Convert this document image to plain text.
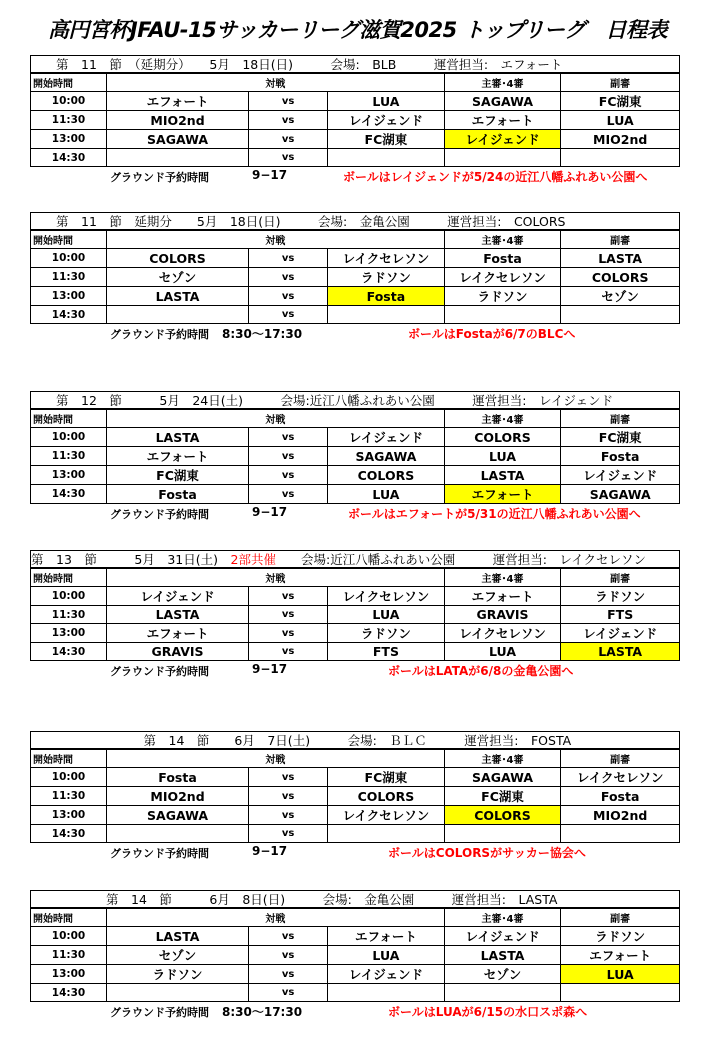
高円宮杯JFAU-15サッカーリーグ滋賀2025 トップリーグ　日程表
　　第　11　節　（延期分）　　5月　18日(日)　　　会場:　BLB　　　運営担当:　エフォート
開始時間	対戦			主審･4審	副審
10:00	エフォート	vs	LUA	SAGAWA	FC湖東
11:30	MIO2nd	vs	レイジェンド	エフォート	LUA
13:00	SAGAWA	vs	FC湖東	レイジェンド	MIO2nd
14:30		vs			
グラウンド予約時間	9−17	ボールはレイジェンドが5/24の近江八幡ふれあい公園へ
　　第　11　節　延期分　　5月　18日(日)　　　会場:　金亀公園　　　運営担当:　COLORS
開始時間	対戦			主審･4審	副審
10:00	COLORS	vs	レイクセレソン	Fosta	LASTA
11:30	セゾン	vs	ラドソン	レイクセレソン	COLORS
13:00	LASTA	vs	Fosta	ラドソン	セゾン
14:30		vs			
グラウンド予約時間 8:30〜17:30	ボールはFostaが6/7のBLCへ
　　第　12　節　　　5月　24日(土)　　　会場:近江八幡ふれあい公園　　　運営担当:　レイジェンド
開始時間	対戦			主審･4審	副審
10:00	LASTA	vs	レイジェンド	COLORS	FC湖東
11:30	エフォート	vs	SAGAWA	LUA	Fosta
13:00	FC湖東	vs	COLORS	LASTA	レイジェンド
14:30	Fosta	vs	LUA	エフォート	SAGAWA
グラウンド予約時間	9−17	ボールはエフォートが5/31の近江八幡ふれあい公園へ
第　13　節　　　5月　31日(土)　 2部共催　　会場:近江八幡ふれあい公園　　　運営担当:　レイクセレソン
開始時間	対戦			主審･4審	副審
10:00	レイジェンド	vs	レイクセレソン	エフォート	ラドソン
11:30	LASTA	vs	LUA	GRAVIS	FTS
13:00	エフォート	vs	ラドソン	レイクセレソン	レイジェンド
14:30	GRAVIS	vs	FTS	LUA	LASTA
グラウンド予約時間	9−17	ボールはLATAが6/8の金亀公園へ
　　　　　　　　　第　14　節　　6月　7日(土)　　　会場:　ＢＬＣ　　　運営担当:　FOSTA
開始時間	対戦			主審･4審	副審
10:00	Fosta	vs	FC湖東	SAGAWA	レイクセレソン
11:30	MIO2nd	vs	COLORS	FC湖東	Fosta
13:00	SAGAWA	vs	レイクセレソン	COLORS	MIO2nd
14:30		vs			
グラウンド予約時間	9−17	ボールはCOLORSがサッカー協会へ
　　　　　　第　14　節　　　6月　8日(日)　　　会場:　金亀公園　　　運営担当:　LASTA
開始時間	対戦			主審･4審	副審
10:00	LASTA	vs	エフォート	レイジェンド	ラドソン
11:30	セゾン	vs	LUA	LASTA	エフォート
13:00	ラドソン	vs	レイジェンド	セゾン	LUA
14:30		vs			
グラウンド予約時間 8:30〜17:30	ボールはLUAが6/15の水口スポ森へ
